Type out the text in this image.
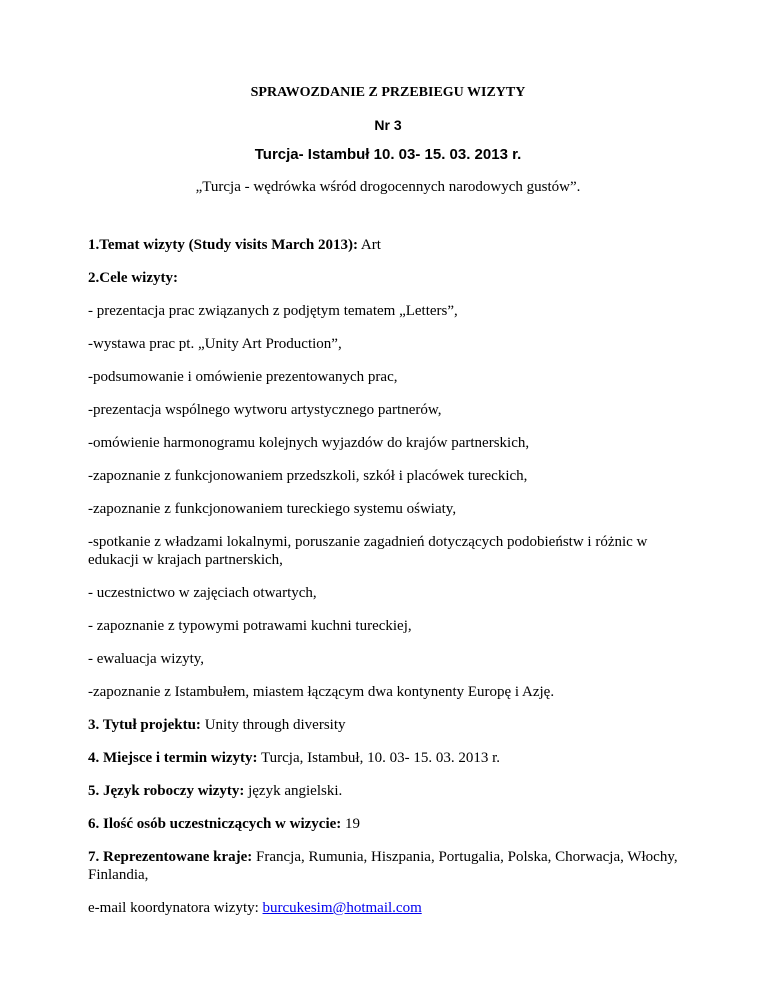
SPRAWOZDANIE Z PRZEBIEGU WIZYTY
Nr 3
Turcja- Istambuł 10. 03- 15. 03. 2013 r.
„Turcja - wędrówka wśród drogocennych narodowych gustów”.
1.Temat wizyty (Study visits March 2013): Art
2.Cele wizyty:
- prezentacja prac związanych z podjętym tematem „Letters”,
-wystawa prac pt. „Unity Art Production”,
-podsumowanie i omówienie prezentowanych prac,
-prezentacja wspólnego wytworu artystycznego partnerów,
-omówienie harmonogramu kolejnych wyjazdów do krajów partnerskich,
-zapoznanie z funkcjonowaniem przedszkoli, szkół i placówek tureckich,
-zapoznanie z funkcjonowaniem tureckiego systemu oświaty,
-spotkanie z władzami lokalnymi, poruszanie zagadnień dotyczących podobieństw i różnic w edukacji w krajach partnerskich,
- uczestnictwo w zajęciach otwartych,
- zapoznanie z typowymi potrawami kuchni tureckiej,
- ewaluacja wizyty,
-zapoznanie z Istambułem, miastem łączącym dwa kontynenty Europę i Azję.
3. Tytuł projektu: Unity through diversity
4. Miejsce i termin wizyty: Turcja, Istambuł, 10. 03- 15. 03. 2013 r.
5. Język roboczy wizyty: język angielski.
6. Ilość osób uczestniczących w wizycie: 19
7. Reprezentowane kraje: Francja, Rumunia, Hiszpania, Portugalia, Polska, Chorwacja, Włochy, Finlandia,
e-mail koordynatora wizyty: burcukesim@hotmail.com
